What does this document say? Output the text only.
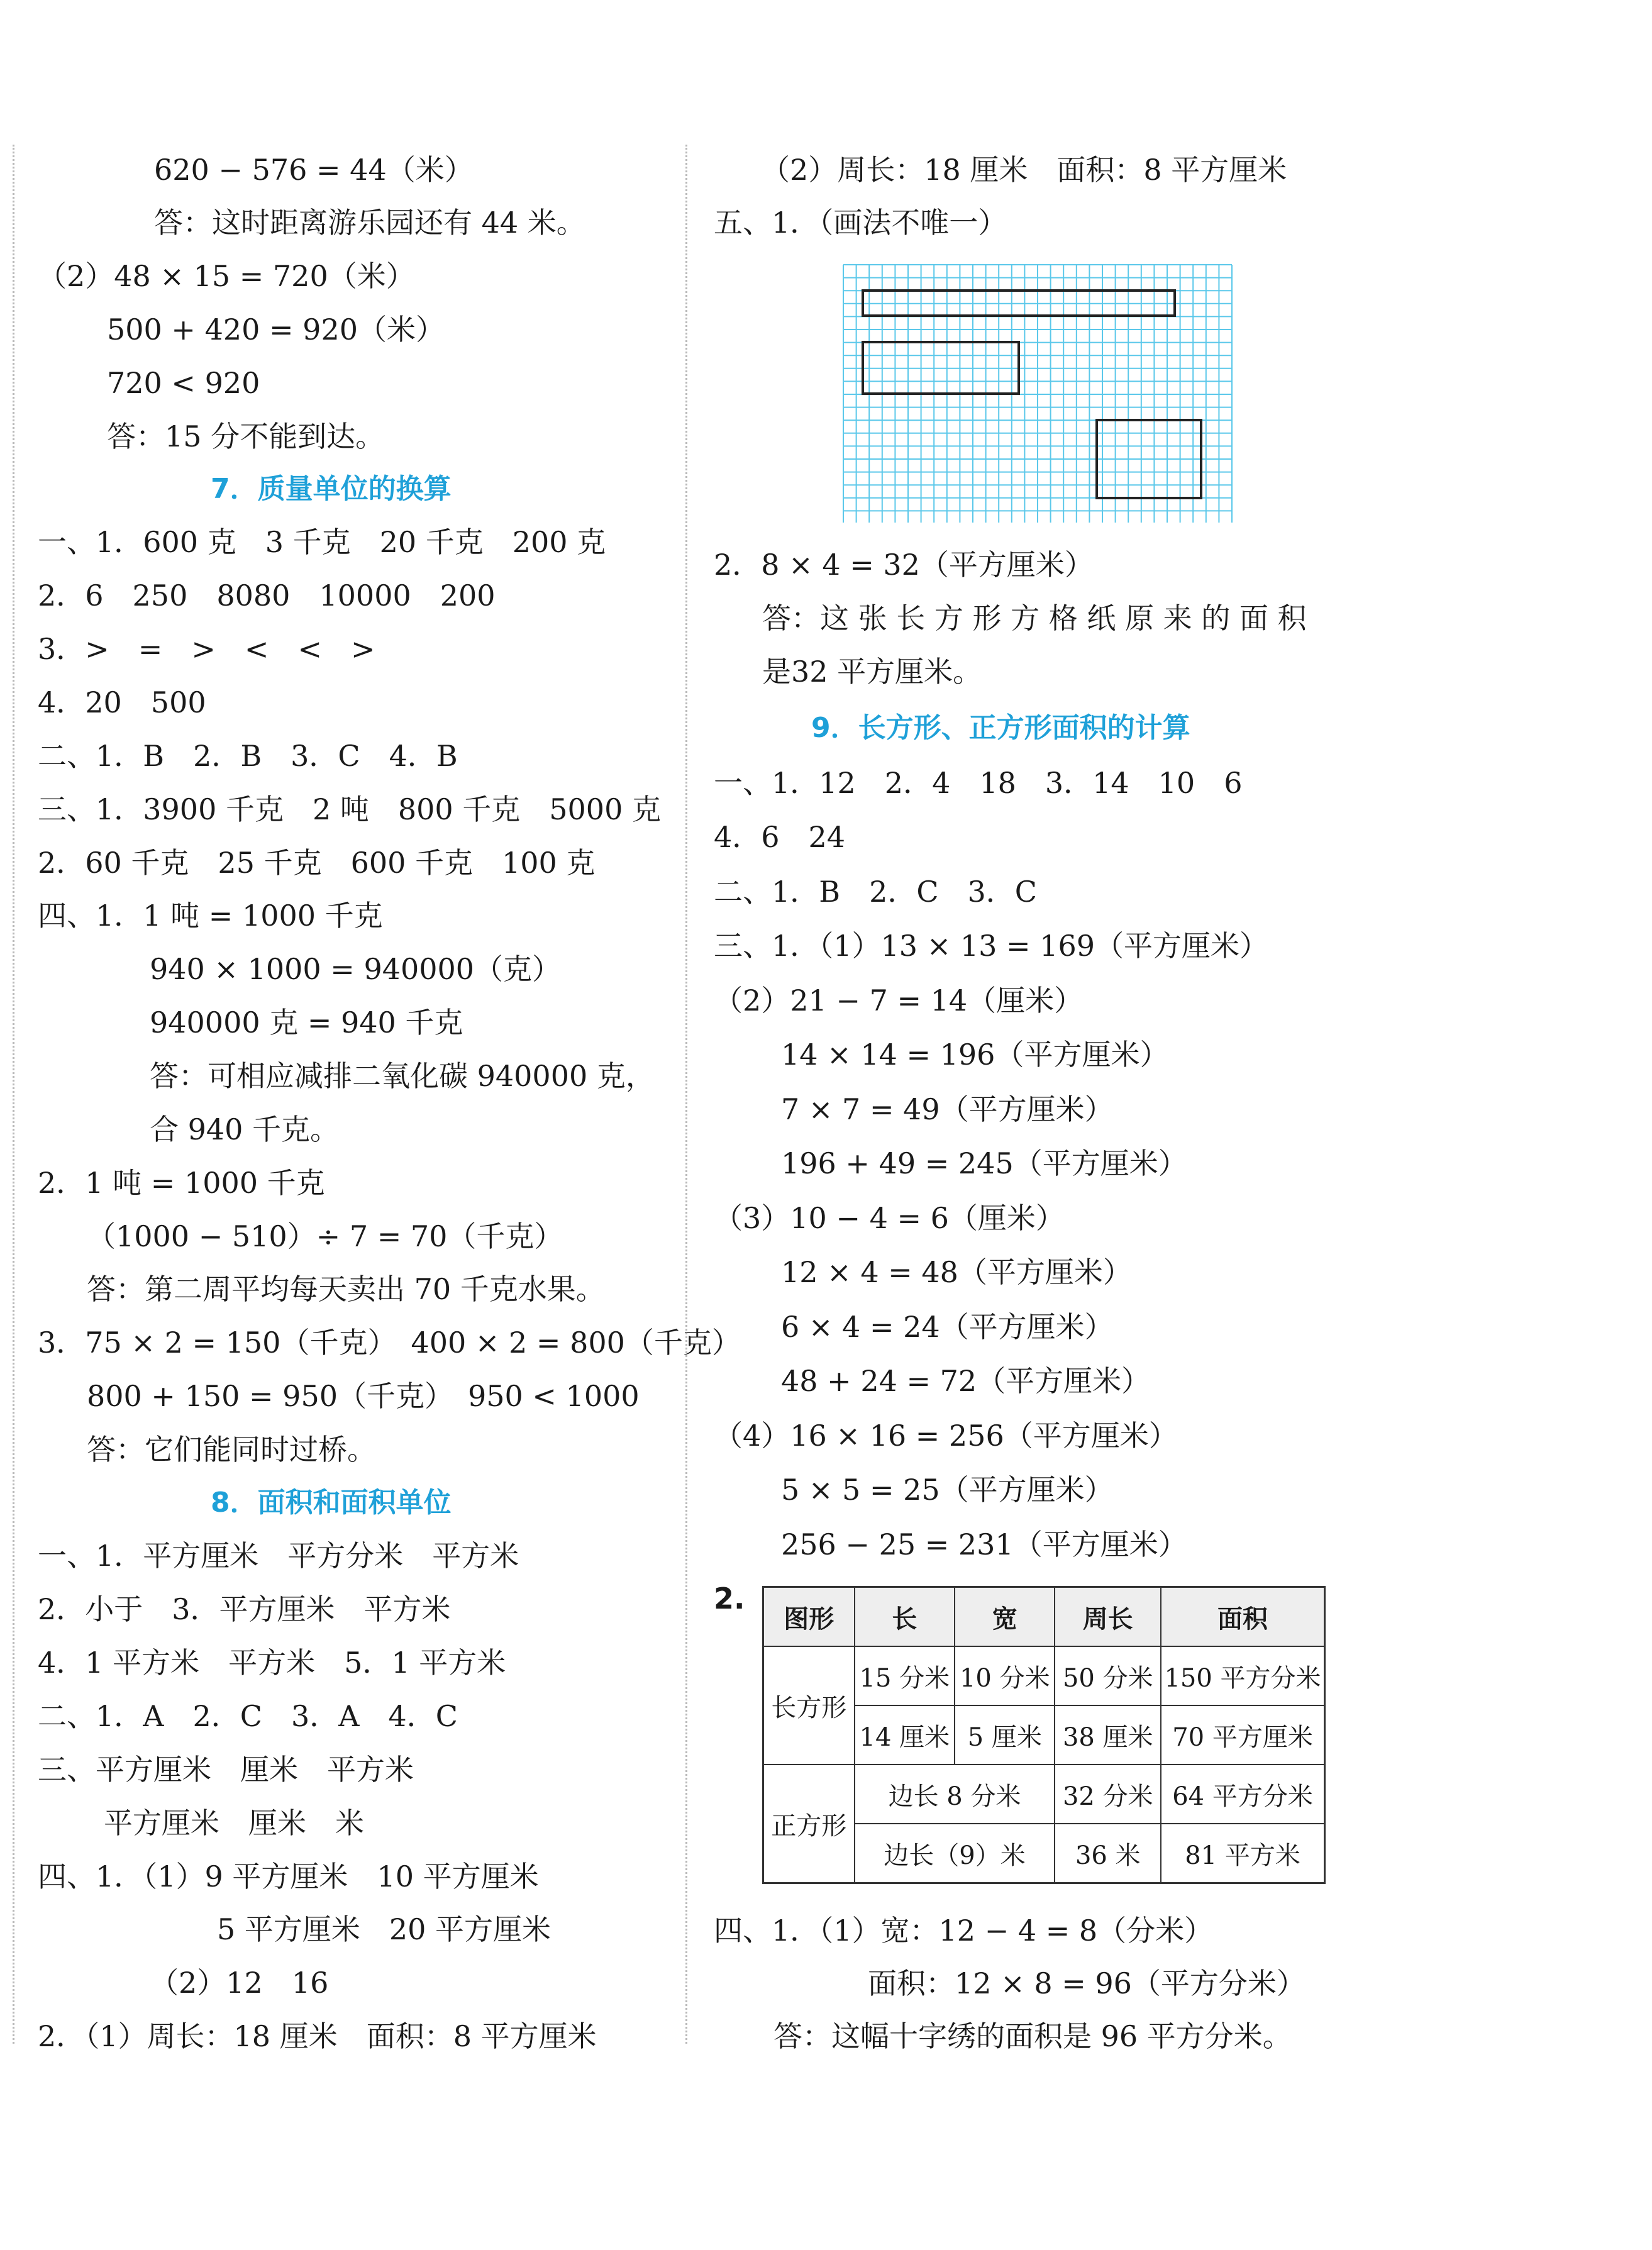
620 − 576 = 44（米）
答：这时距离游乐园还有 44 米。
（2）48 × 15 = 720（米）
500 + 420 = 920（米）
720 < 920
答：15 分不能到达。
7．质量单位的换算
一、1．600 克　3 千克　20 千克　200 克
2．6　250　8080　10000　200
3．>　=　>　<　<　>
4．20　500
二、1．B　2．B　3．C　4．B
三、1．3900 千克　2 吨　800 千克　5000 克
2．60 千克　25 千克　600 千克　100 克
四、1．1 吨 = 1000 千克
940 × 1000 = 940000（克）
940000 克 = 940 千克
答：可相应减排二氧化碳 940000 克，
合 940 千克。
2．1 吨 = 1000 千克
（1000 − 510）÷ 7 = 70（千克）
答：第二周平均每天卖出 70 千克水果。
3．75 × 2 = 150（千克）　400 × 2 = 800（千克）
800 + 150 = 950（千克）　950 < 1000
答：它们能同时过桥。
8．面积和面积单位
一、1．平方厘米　平方分米　平方米
2．小于　3．平方厘米　平方米
4．1 平方米　平方米　5．1 平方米
二、1．A　2．C　3．A　4．C
三、平方厘米　厘米　平方米
平方厘米　厘米　米
四、1．（1）9 平方厘米　10 平方厘米
5 平方厘米　20 平方厘米
（2）12　16
2．（1）周长：18 厘米　面积：8 平方厘米
（2）周长：18 厘米　面积：8 平方厘米
五、1．（画法不唯一）
2．8 × 4 = 32（平方厘米）
答：这 张 长 方 形 方 格 纸 原 来 的 面 积
是32 平方厘米。
9．长方形、正方形面积的计算
一、1．12　2．4　18　3．14　10　6
4．6　24
二、1．B　2．C　3．C
三、1．（1）13 × 13 = 169（平方厘米）
（2）21 − 7 = 14（厘米）
14 × 14 = 196（平方厘米）
7 × 7 = 49（平方厘米）
196 + 49 = 245（平方厘米）
（3）10 − 4 = 6（厘米）
12 × 4 = 48（平方厘米）
6 × 4 = 24（平方厘米）
48 + 24 = 72（平方厘米）
（4）16 × 16 = 256（平方厘米）
5 × 5 = 25（平方厘米）
256 − 25 = 231（平方厘米）
2.
图形	长	宽	周长	面积
长方形	15 分米	10 分米	50 分米	150 平方分米
	14 厘米	5 厘米	38 厘米	70 平方厘米
正方形	边长 8 分米		32 分米	64 平方分米
	边长（9）米		36 米	81 平方米
四、1．（1）宽：12 − 4 = 8（分米）
面积：12 × 8 = 96（平方分米）
答：这幅十字绣的面积是 96 平方分米。
